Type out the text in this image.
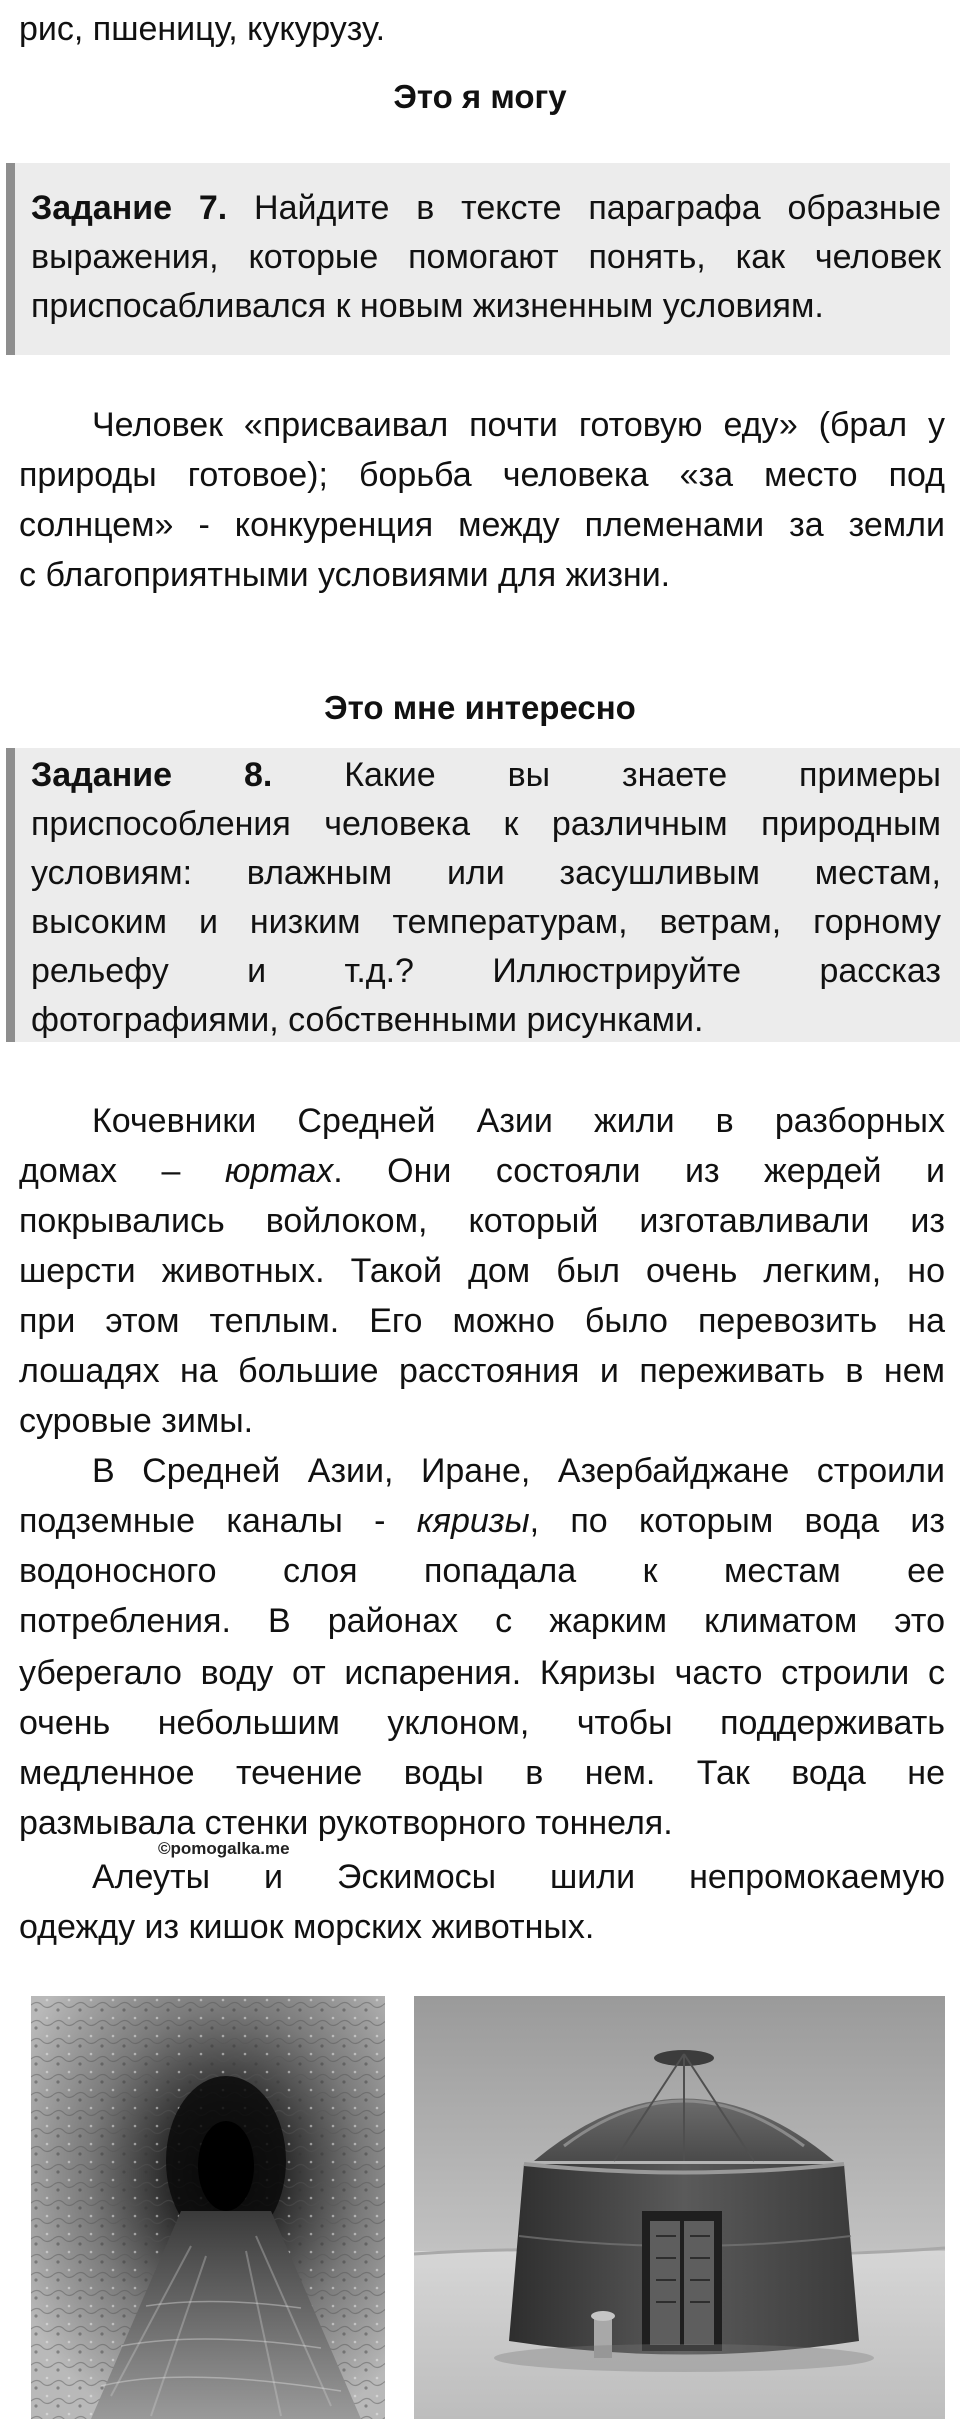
рис, пшеницу, кукурузу.
Это я могу
Задание 7. Найдите в тексте параграфа образные
выражения, которые помогают понять, как человек
приспосабливался к новым жизненным условиям.
Человек «присваивал почти готовую еду» (брал у
природы готовое); борьба человека «за место под
солнцем» - конкуренция между племенами за земли
с благоприятными условиями для жизни.
Это мне интересно
Задание 8. Какие вы знаете примеры
приспособления человека к различным природным
условиям: влажным или засушливым местам,
высоким и низким температурам, ветрам, горному
рельефу и т.д.? Иллюстрируйте рассказ
фотографиями, собственными рисунками.
Кочевники Средней Азии жили в разборных
домах – юртах. Они состояли из жердей и
покрывались войлоком, который изготавливали из
шерсти животных. Такой дом был очень легким, но
при этом теплым. Его можно было перевозить на
лошадях на большие расстояния и переживать в нем
суровые зимы.
В Средней Азии, Иране, Азербайджане строили
подземные каналы - кяризы, по которым вода из
водоносного слоя попадала к местам ее
потребления. В районах с жарким климатом это
уберегало воду от испарения. Кяризы часто строили с
очень небольшим уклоном, чтобы поддерживать
медленное течение воды в нем. Так вода не
размывала стенки рукотворного тоннеля.
©pomogalka.me
Алеуты и Эскимосы шили непромокаемую
одежду из кишок морских животных.
